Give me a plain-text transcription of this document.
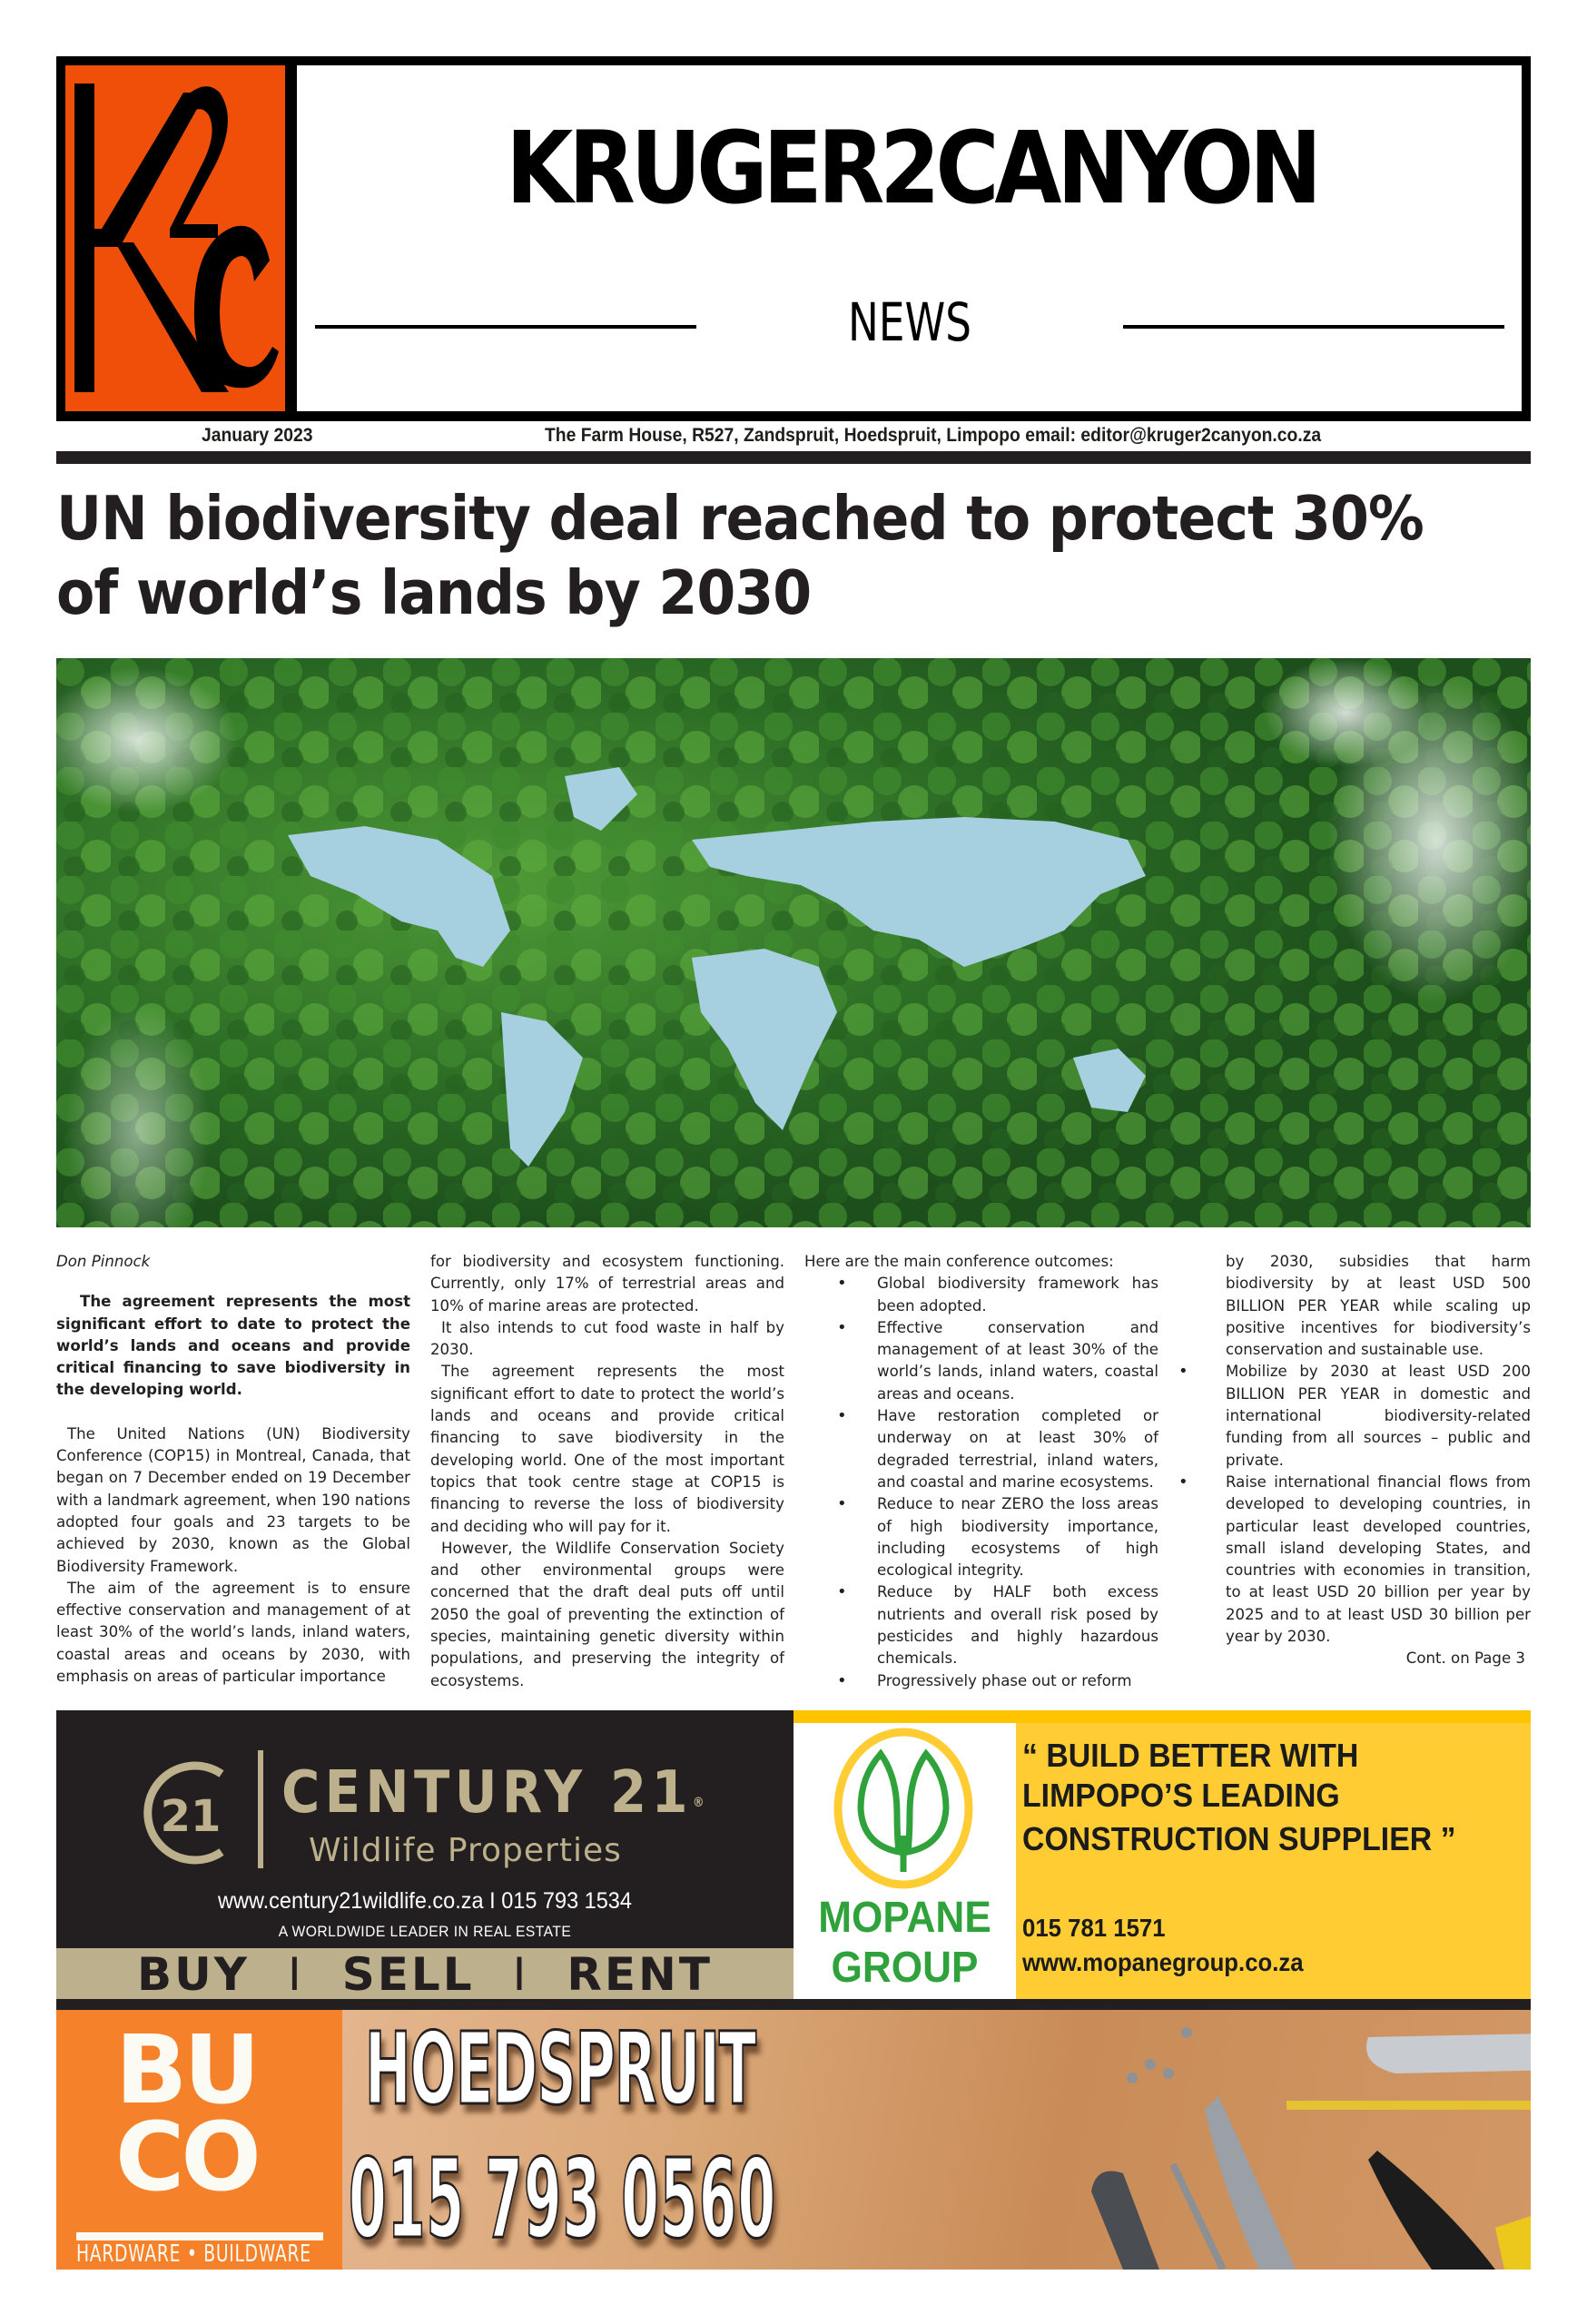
KRUGER2CANYON
NEWS
January 2023	The Farm House, R527, Zandspruit, Hoedspruit, Limpopo email: editor@kruger2canyon.co.za
UN biodiversity deal reached to protect 30% of world’s lands by 2030

Don Pinnock

The agreement represents the most significant effort to date to protect the world’s lands and oceans and provide critical financing to save biodiversity in the developing world.

The United Nations (UN) Biodiversity Conference (COP15) in Montreal, Canada, that began on 7 December ended on 19 December with a landmark agreement, when 190 nations adopted four goals and 23 targets to be achieved by 2030, known as the Global Biodiversity Framework.

The aim of the agreement is to ensure effective conservation and management of at least 30% of the world’s lands, inland waters, coastal areas and oceans by 2030, with emphasis on areas of particular importance

for biodiversity and ecosystem functioning. Currently, only 17% of terrestrial areas and 10% of marine areas are protected.

It also intends to cut food waste in half by 2030.

The agreement represents the most significant effort to date to protect the world’s lands and oceans and provide critical financing to save biodiversity in the developing world. One of the most important topics that took centre stage at COP15 is financing to reverse the loss of biodiversity and deciding who will pay for it.

However, the Wildlife Conservation Society and other environmental groups were concerned that the draft deal puts off until 2050 the goal of preventing the extinction of species, maintaining genetic diversity within populations, and preserving the integrity of ecosystems.

Here are the main conference outcomes:

• Global biodiversity framework has been adopted.
• Effective conservation and management of at least 30% of the world’s lands, inland waters, coastal areas and oceans.
• Have restoration completed or underway on at least 30% of degraded terrestrial, inland waters, and coastal and marine ecosystems.
• Reduce to near ZERO the loss areas of high biodiversity importance, including ecosystems of high ecological integrity.
• Reduce by HALF both excess nutrients and overall risk posed by pesticides and highly hazardous chemicals.
• Progressively phase out or reform

by 2030, subsidies that harm biodiversity by at least USD 500 BILLION PER YEAR while scaling up positive incentives for biodiversity’s conservation and sustainable use.

• Mobilize by 2030 at least USD 200 BILLION PER YEAR in domestic and international biodiversity-related funding from all sources – public and private.
• Raise international financial flows from developed to developing countries, in particular least developed countries, small island developing States, and countries with economies in transition, to at least USD 20 billion per year by 2025 and to at least USD 30 billion per year by 2030.

Cont. on Page 3

21 CENTURY 21®
Wildlife Properties
www.century21wildlife.co.za I 015 793 1534
A WORLDWIDE LEADER IN REAL ESTATE
BUY I SELL I RENT
MOPANE
GROUP
“ BUILD BETTER WITH
LIMPOPO’S LEADING
CONSTRUCTION SUPPLIER ”
015 781 1571
www.mopanegroup.co.za
BU
CO
HARDWARE • BUILDWARE
HOEDSPRUIT
015 793 0560
